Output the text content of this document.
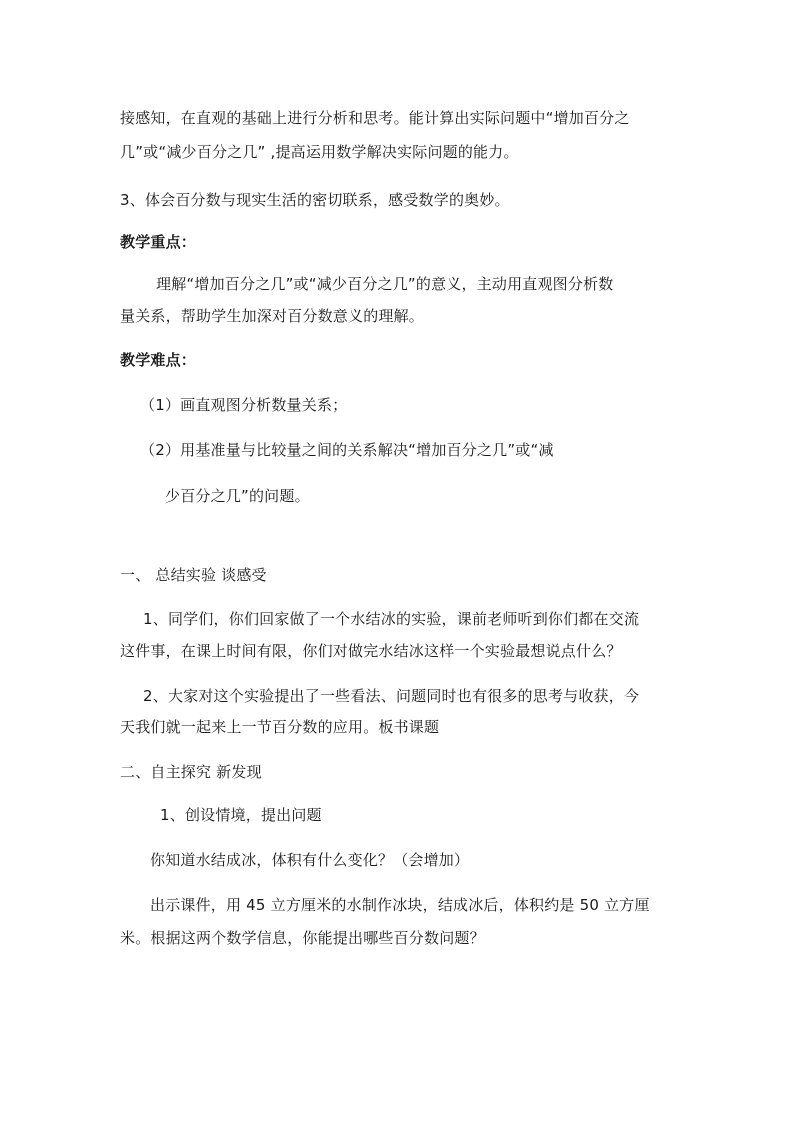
接感知，在直观的基础上进行分析和思考。能计算出实际问题中“增加百分之
几”或“减少百分之几” ,提高运用数学解决实际问题的能力。
3、体会百分数与现实生活的密切联系，感受数学的奥妙。
教学重点：
理解“增加百分之几”或“减少百分之几”的意义，主动用直观图分析数
量关系，帮助学生加深对百分数意义的理解。
教学难点：
（1）画直观图分析数量关系；
（2）用基准量与比较量之间的关系解决“增加百分之几”或“减
少百分之几”的问题。
一、 总结实验 谈感受
1、同学们，你们回家做了一个水结冰的实验，课前老师听到你们都在交流
这件事，在课上时间有限，你们对做完水结冰这样一个实验最想说点什么？
2、大家对这个实验提出了一些看法、问题同时也有很多的思考与收获，今
天我们就一起来上一节百分数的应用。板书课题
二、自主探究 新发现
1、创设情境，提出问题
你知道水结成冰，体积有什么变化？（会增加）
出示课件，用 45 立方厘米的水制作冰块，结成冰后，体积约是 50 立方厘
米。根据这两个数学信息，你能提出哪些百分数问题？
